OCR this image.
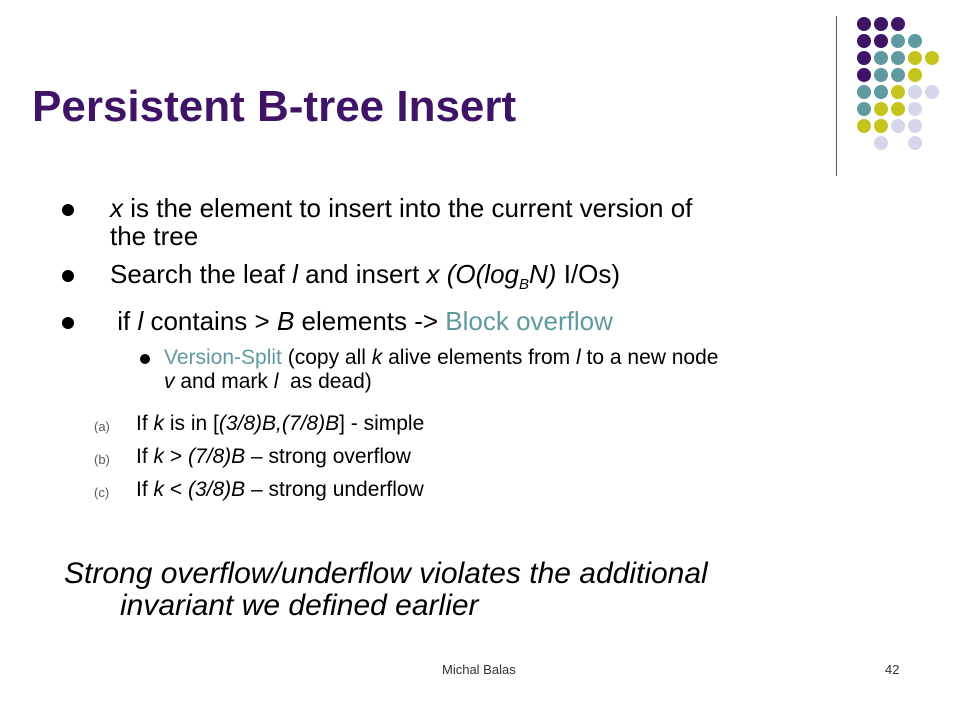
Persistent B-tree Insert
x is the element to insert into the current version of
the tree
Search the leaf l and insert x ($O(\log_BN)$ I/Os)
if l contains > B elements -> Block overflow
Version-Split (copy all k alive elements from l to a new node
v and mark l  as dead)
(a) If k is in [(3/8)B,(7/8)B] - simple
(b) If k > (7/8)B – strong overflow
(c) If k < (3/8)B – strong underflow
Strong overflow/underflow violates the additional
invariant we defined earlier
Michal Balas	42
